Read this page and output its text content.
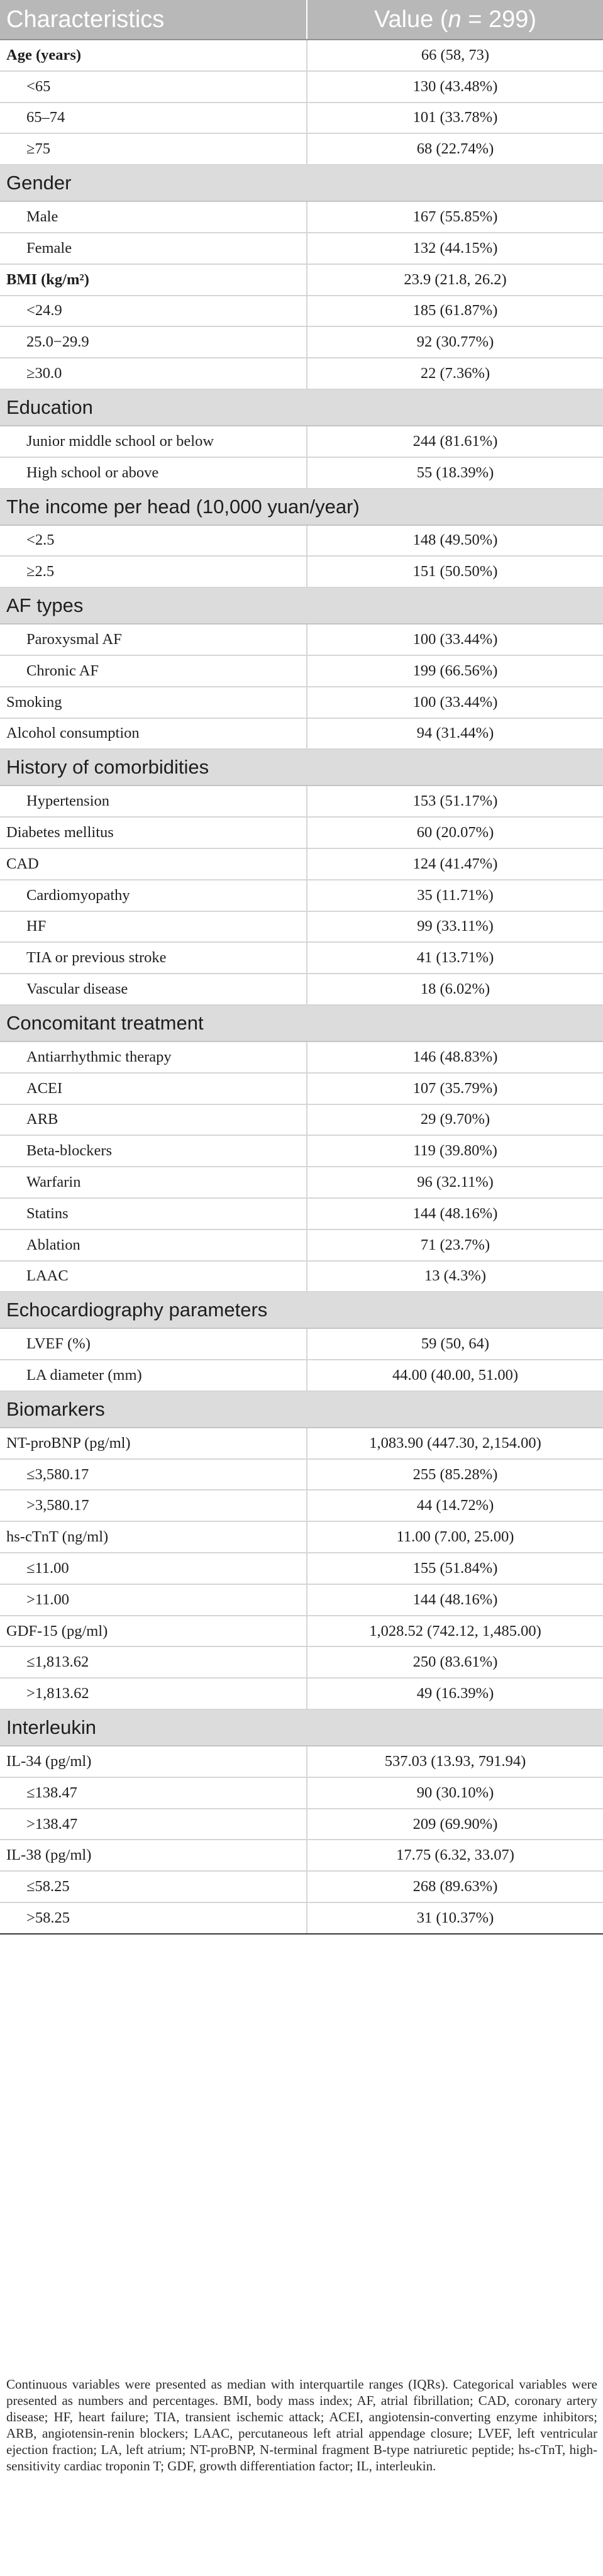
Characteristics	Value (n = 299)
Age (years)	66 (58, 73)
<65	130 (43.48%)
65–74	101 (33.78%)
≥75	68 (22.74%)
Gender	
Male	167 (55.85%)
Female	132 (44.15%)
BMI (kg/m²)	23.9 (21.8, 26.2)
<24.9	185 (61.87%)
25.0−29.9	92 (30.77%)
≥30.0	22 (7.36%)
Education	
Junior middle school or below	244 (81.61%)
High school or above	55 (18.39%)
The income per head (10,000 yuan/year)	
<2.5	148 (49.50%)
≥2.5	151 (50.50%)
AF types	
Paroxysmal AF	100 (33.44%)
Chronic AF	199 (66.56%)
Smoking	100 (33.44%)
Alcohol consumption	94 (31.44%)
History of comorbidities	
Hypertension	153 (51.17%)
Diabetes mellitus	60 (20.07%)
CAD	124 (41.47%)
Cardiomyopathy	35 (11.71%)
HF	99 (33.11%)
TIA or previous stroke	41 (13.71%)
Vascular disease	18 (6.02%)
Concomitant treatment	
Antiarrhythmic therapy	146 (48.83%)
ACEI	107 (35.79%)
ARB	29 (9.70%)
Beta-blockers	119 (39.80%)
Warfarin	96 (32.11%)
Statins	144 (48.16%)
Ablation	71 (23.7%)
LAAC	13 (4.3%)
Echocardiography parameters	
LVEF (%)	59 (50, 64)
LA diameter (mm)	44.00 (40.00, 51.00)
Biomarkers	
NT-proBNP (pg/ml)	1,083.90 (447.30, 2,154.00)
≤3,580.17	255 (85.28%)
>3,580.17	44 (14.72%)
hs-cTnT (ng/ml)	11.00 (7.00, 25.00)
≤11.00	155 (51.84%)
>11.00	144 (48.16%)
GDF-15 (pg/ml)	1,028.52 (742.12, 1,485.00)
≤1,813.62	250 (83.61%)
>1,813.62	49 (16.39%)
Interleukin	
IL-34 (pg/ml)	537.03 (13.93, 791.94)
≤138.47	90 (30.10%)
>138.47	209 (69.90%)
IL-38 (pg/ml)	17.75 (6.32, 33.07)
≤58.25	268 (89.63%)
>58.25	31 (10.37%)

Continuous variables were presented as median with interquartile ranges (IQRs). Categorical variables were presented as numbers and percentages. BMI, body mass index; AF, atrial fibrillation; CAD, coronary artery disease; HF, heart failure; TIA, transient ischemic attack; ACEI, angiotensin-converting enzyme inhibitors; ARB, angiotensin-renin blockers; LAAC, percutaneous left atrial appendage closure; LVEF, left ventricular ejection fraction; LA, left atrium; NT-proBNP, N-terminal fragment B-type natriuretic peptide; hs-cTnT, high-sensitivity cardiac troponin T; GDF, growth differentiation factor; IL, interleukin.
